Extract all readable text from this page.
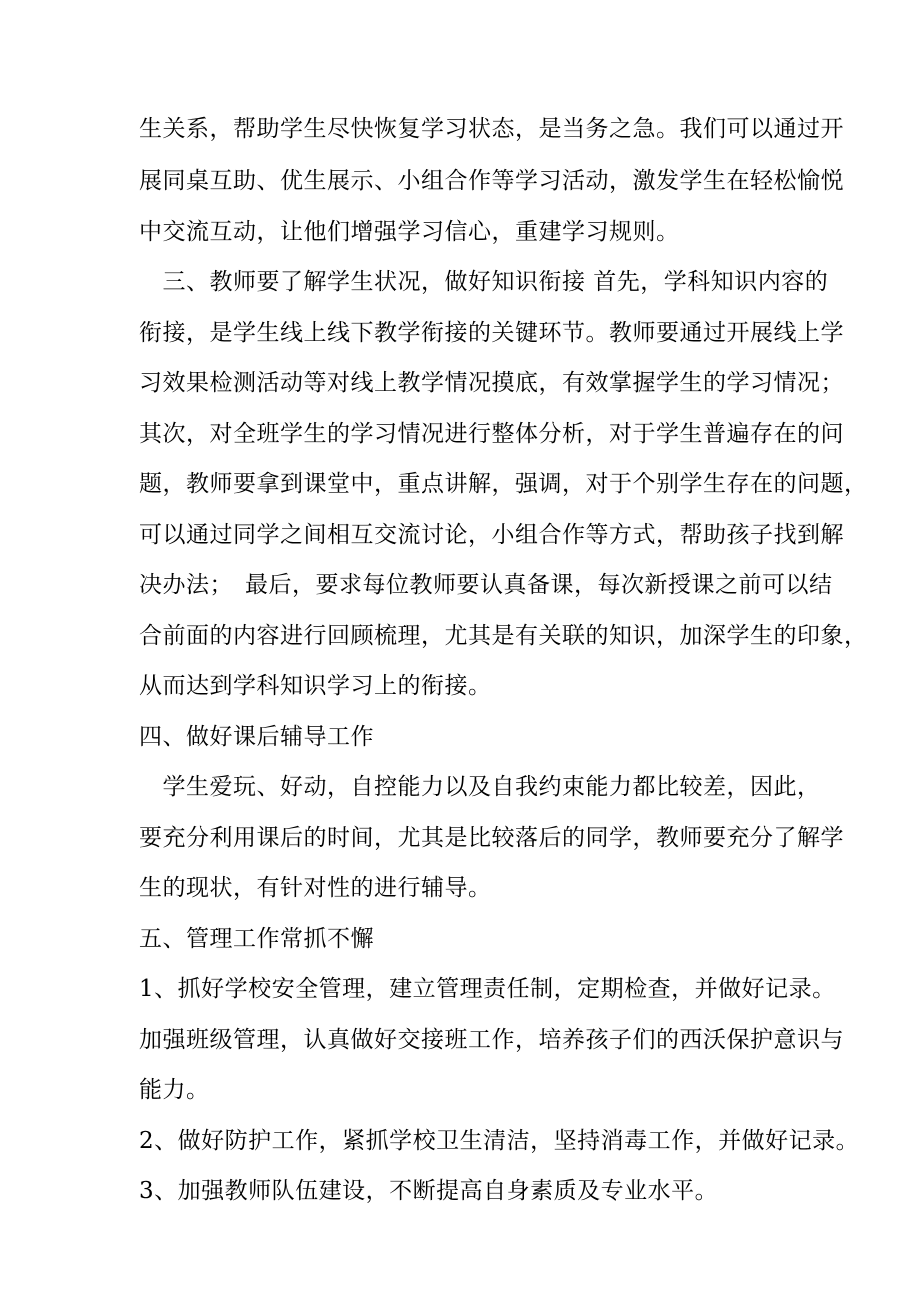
生关系，帮助学生尽快恢复学习状态，是当务之急。我们可以通过开
展同桌互助、优生展示、小组合作等学习活动，激发学生在轻松愉悦
中交流互动，让他们增强学习信心，重建学习规则。
　三、教师要了解学生状况，做好知识衔接 首先，学科知识内容的
衔接，是学生线上线下教学衔接的关键环节。教师要通过开展线上学
习效果检测活动等对线上教学情况摸底，有效掌握学生的学习情况；
其次，对全班学生的学习情况进行整体分析，对于学生普遍存在的问
题，教师要拿到课堂中，重点讲解，强调，对于个别学生存在的问题，
可以通过同学之间相互交流讨论，小组合作等方式，帮助孩子找到解
决办法；　最后，要求每位教师要认真备课，每次新授课之前可以结
合前面的内容进行回顾梳理，尤其是有关联的知识，加深学生的印象，
从而达到学科知识学习上的衔接。
四、做好课后辅导工作
　学生爱玩、好动，自控能力以及自我约束能力都比较差，因此，
要充分利用课后的时间，尤其是比较落后的同学，教师要充分了解学
生的现状，有针对性的进行辅导。
五、管理工作常抓不懈
1、抓好学校安全管理，建立管理责任制，定期检查，并做好记录。
加强班级管理，认真做好交接班工作，培养孩子们的西沃保护意识与
能力。
2、做好防护工作，紧抓学校卫生清洁，坚持消毒工作，并做好记录。
3、加强教师队伍建设，不断提高自身素质及专业水平。
